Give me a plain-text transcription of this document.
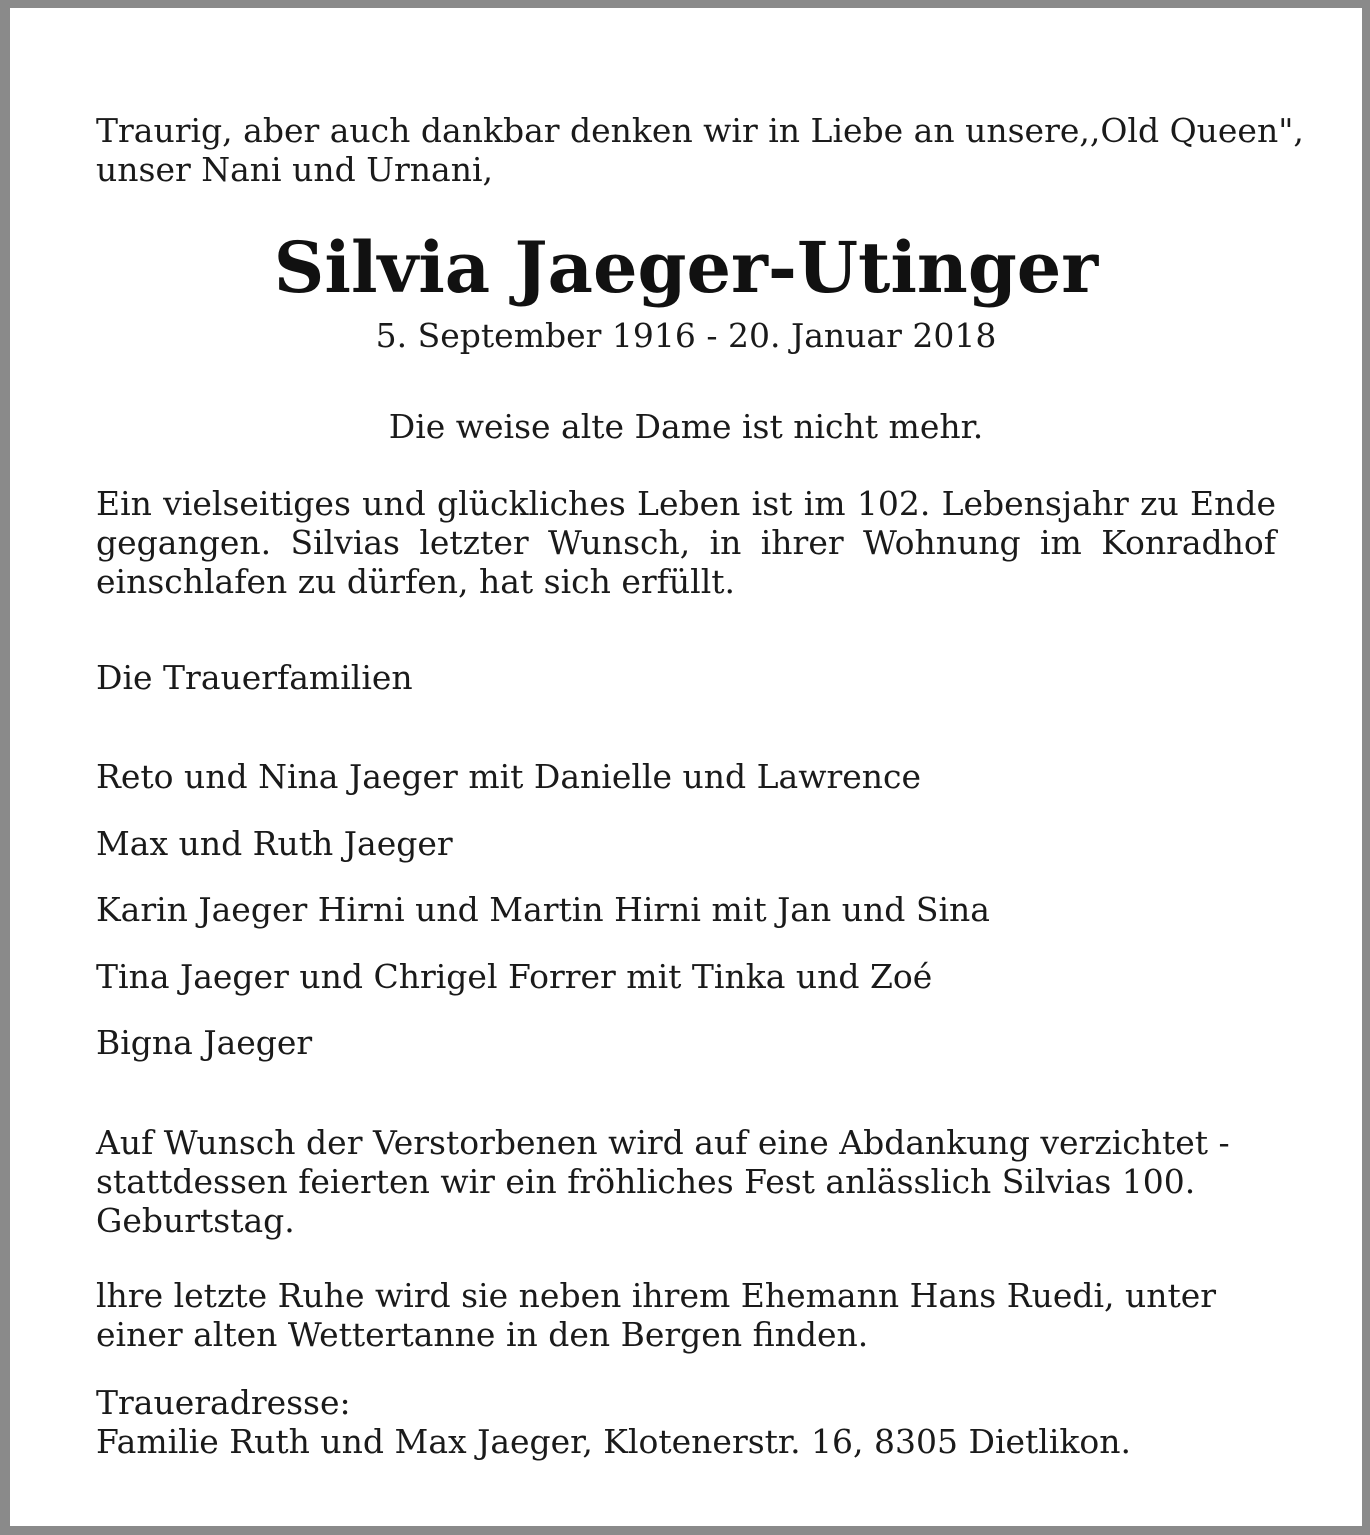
Traurig, aber auch dankbar denken wir in Liebe an unsere,,Old Queen",
unser Nani und Urnani,
Silvia Jaeger-Utinger
5. September 1916 - 20. Januar 2018
Die weise alte Dame ist nicht mehr.
Ein vielseitiges und glückliches Leben ist im 102. Lebensjahr zu Ende
gegangen. Silvias letzter Wunsch, in ihrer Wohnung im Konradhof
einschlafen zu dürfen, hat sich erfüllt.
Die Trauerfamilien
Reto und Nina Jaeger mit Danielle und Lawrence
Max und Ruth Jaeger
Karin Jaeger Hirni und Martin Hirni mit Jan und Sina
Tina Jaeger und Chrigel Forrer mit Tinka und Zoé
Bigna Jaeger
Auf Wunsch der Verstorbenen wird auf eine Abdankung verzichtet -
stattdessen feierten wir ein fröhliches Fest anlässlich Silvias 100.
Geburtstag.
lhre letzte Ruhe wird sie neben ihrem Ehemann Hans Ruedi, unter
einer alten Wettertanne in den Bergen finden.
Traueradresse:
Familie Ruth und Max Jaeger, Klotenerstr. 16, 8305 Dietlikon.
